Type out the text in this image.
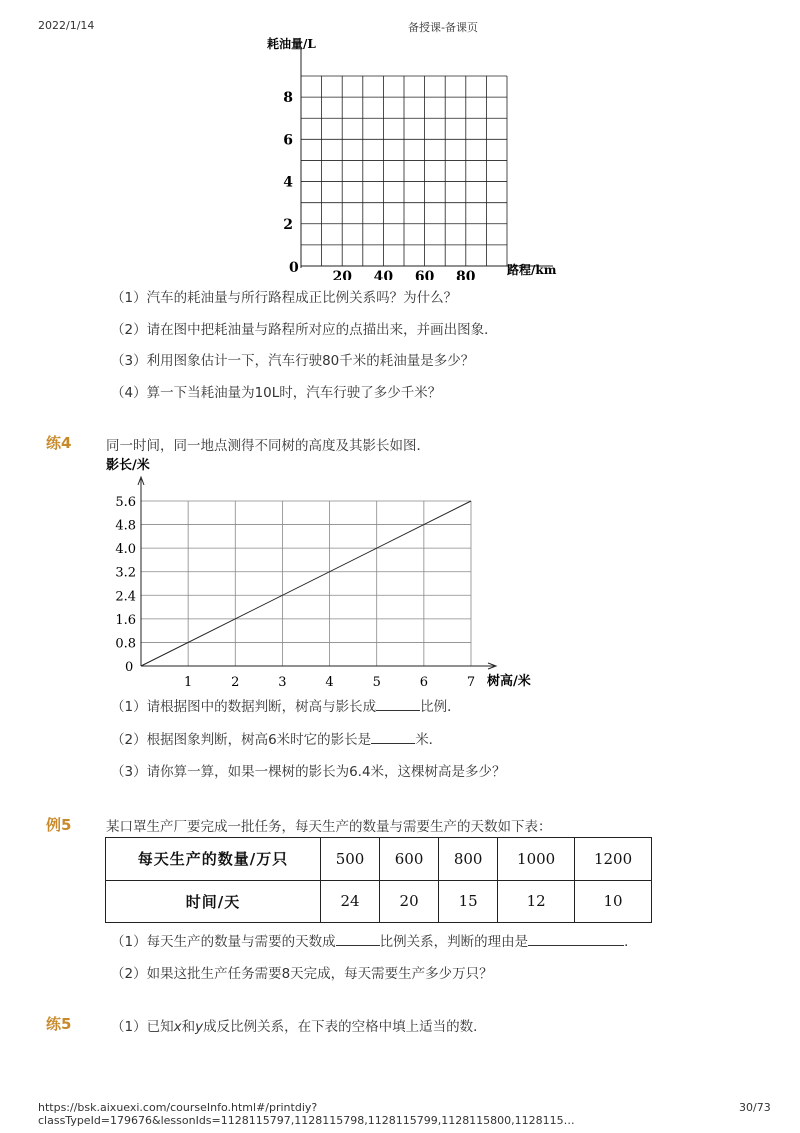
2022/1/14	备授课-备课页
耗油量/L
0	路程/km
20 40 60 80
2
4
6
8
（1）汽车的耗油量与所行路程成正比例关系吗？为什么？
（2）请在图中把耗油量与路程所对应的点描出来，并画出图象．
（3）利用图象估计一下，汽车行驶80千米的耗油量是多少？
（4）算一下当耗油量为10L时，汽车行驶了多少千米？
练4	同一时间，同一地点测得不同树的高度及其影长如图．
影长/米
0
树高/米
1	2	3	4	5	6	7
0.8
1.6
2.4
3.2
4.0
4.8
5.6
（1）请根据图中的数据判断，树高与影长成	比例．
（2）根据图象判断，树高6米时它的影长是	米．
（3）请你算一算，如果一棵树的影长为6.4米，这棵树高是多少？
例5	某口罩生产厂要完成一批任务，每天生产的数量与需要生产的天数如下表：
每天生产的数量/万只	500	600	800	1000	1200
时间/天	24	20	15	12	10
（1）每天生产的数量与需要的天数成	比例关系，判断的理由是	．
（2）如果这批生产任务需要8天完成，每天需要生产多少万只？
练5	（1）已知x和y成反比例关系，在下表的空格中填上适当的数．
https://bsk.aixuexi.com/courseInfo.html#/printdiy?classTypeId=179676&lessonIds=1128115797,1128115798,1128115799,1128115800,1128115…
30/73
